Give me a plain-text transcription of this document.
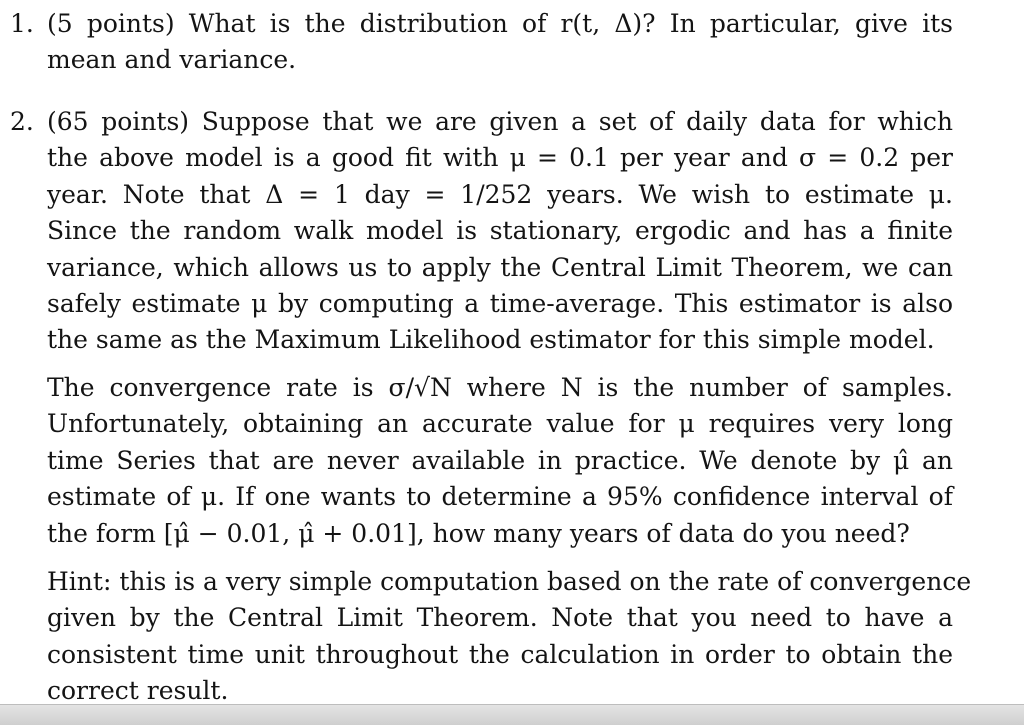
1. (5 points) What is the distribution of r(t, Δ)? In particular, give its
mean and variance.
2. (65 points) Suppose that we are given a set of daily data for which
the above model is a good fit with μ = 0.1 per year and σ = 0.2 per
year. Note that Δ = 1 day = 1/252 years. We wish to estimate μ.
Since the random walk model is stationary, ergodic and has a finite
variance, which allows us to apply the Central Limit Theorem, we can
safely estimate μ by computing a time-average. This estimator is also
the same as the Maximum Likelihood estimator for this simple model.
The convergence rate is σ/√N where N is the number of samples.
Unfortunately, obtaining an accurate value for μ requires very long
time Series that are never available in practice. We denote by μ̂ an
estimate of μ. If one wants to determine a 95% confidence interval of
the form [μ̂ − 0.01, μ̂ + 0.01], how many years of data do you need?
Hint: this is a very simple computation based on the rate of convergence
given by the Central Limit Theorem. Note that you need to have a
consistent time unit throughout the calculation in order to obtain the
correct result.
